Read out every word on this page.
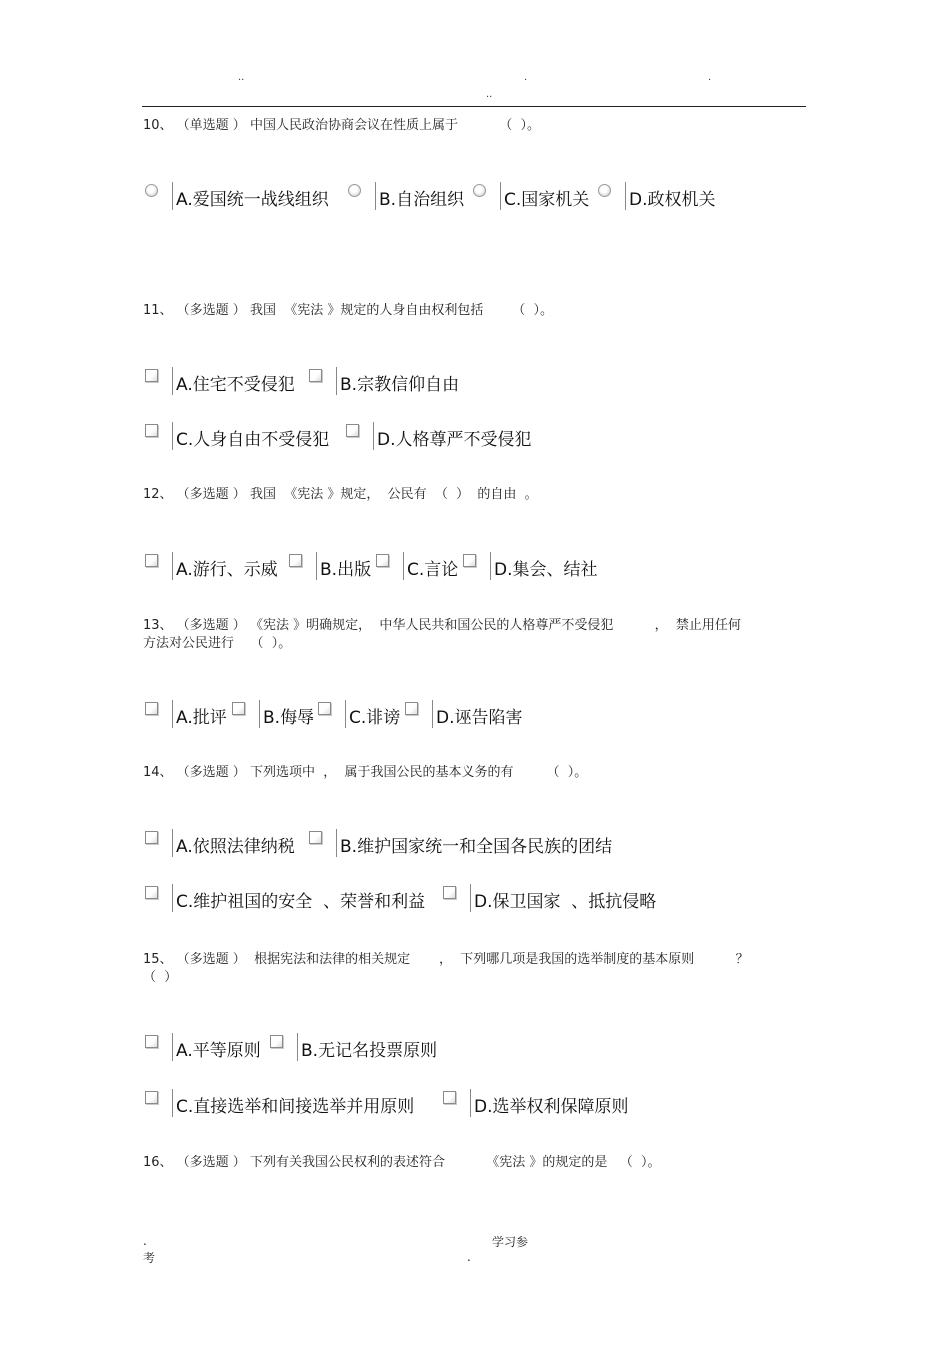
..	.	.
..
10、 （单选题 ） 中国人民政治协商会议在性质上属于          （  ）。
A.爱国统一战线组织	B.自治组织 C.国家机关 D.政权机关
11、 （多选题 ） 我国  《宪法 》规定的人身自由权利包括       （  ）。
A.住宅不受侵犯	B.宗教信仰自由
C.人身自由不受侵犯	D.人格尊严不受侵犯
12、 （多选题 ） 我国  《宪法 》规定，  公民有  （  ）  的自由  。
A.游行、示威 B.出版 C.言论 D.集会、结社
13、 （多选题 ） 《宪法 》明确规定，  中华人民共和国公民的人格尊严不受侵犯          ，  禁止用任何
方法对公民进行    （  ）。
A.批评 B.侮辱 C.诽谤 D.诬告陷害
14、 （多选题 ） 下列选项中  ，  属于我国公民的基本义务的有        （  ）。
A.依照法律纳税	B.维护国家统一和全国各民族的团结
C.维护祖国的安全  、荣誉和利益	D.保卫国家  、抵抗侵略
15、 （多选题 ）  根据宪法和法律的相关规定       ，  下列哪几项是我国的选举制度的基本原则          ？
（  ）
A.平等原则 B.无记名投票原则
C.直接选举和间接选举并用原则	D.选举权利保障原则
16、 （多选题 ） 下列有关我国公民权利的表述符合          《宪法 》的规定的是   （  ）。
.	学习参
考	.
